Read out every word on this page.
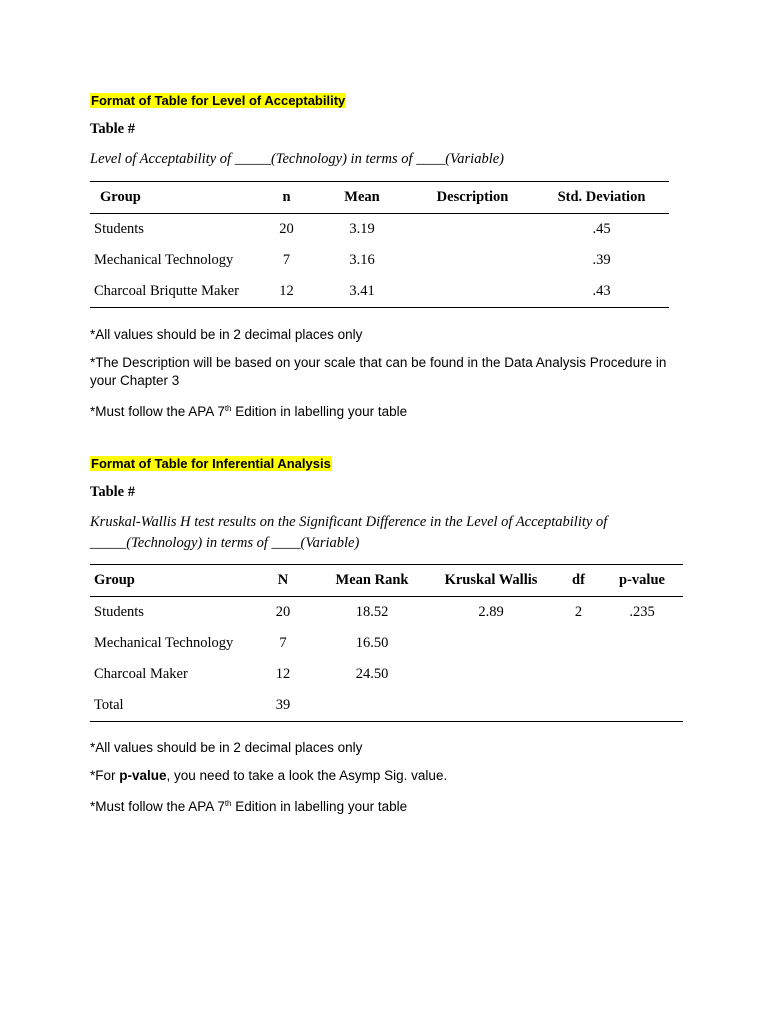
Format of Table for Level of Acceptability
Table #
Level of Acceptability of _____(Technology) in terms of ____(Variable)
Group	n	Mean	Description	Std. Deviation
Students	20	3.19		.45
Mechanical Technology	7	3.16		.39
Charcoal Briqutte Maker	12	3.41		.43
*All values should be in 2 decimal places only
*The Description will be based on your scale that can be found in the Data Analysis Procedure in your Chapter 3
*Must follow the APA 7th Edition in labelling your table
Format of Table for Inferential Analysis
Table #
Kruskal-Wallis H test results on the Significant Difference in the Level of Acceptability of
_____(Technology) in terms of ____(Variable)
Group	N	Mean Rank	Kruskal Wallis	df	p-value
Students	20	18.52	2.89	2	.235
Mechanical Technology	7	16.50			
Charcoal Maker	12	24.50			
Total	39				
*All values should be in 2 decimal places only
*For p-value, you need to take a look the Asymp Sig. value.
*Must follow the APA 7th Edition in labelling your table
